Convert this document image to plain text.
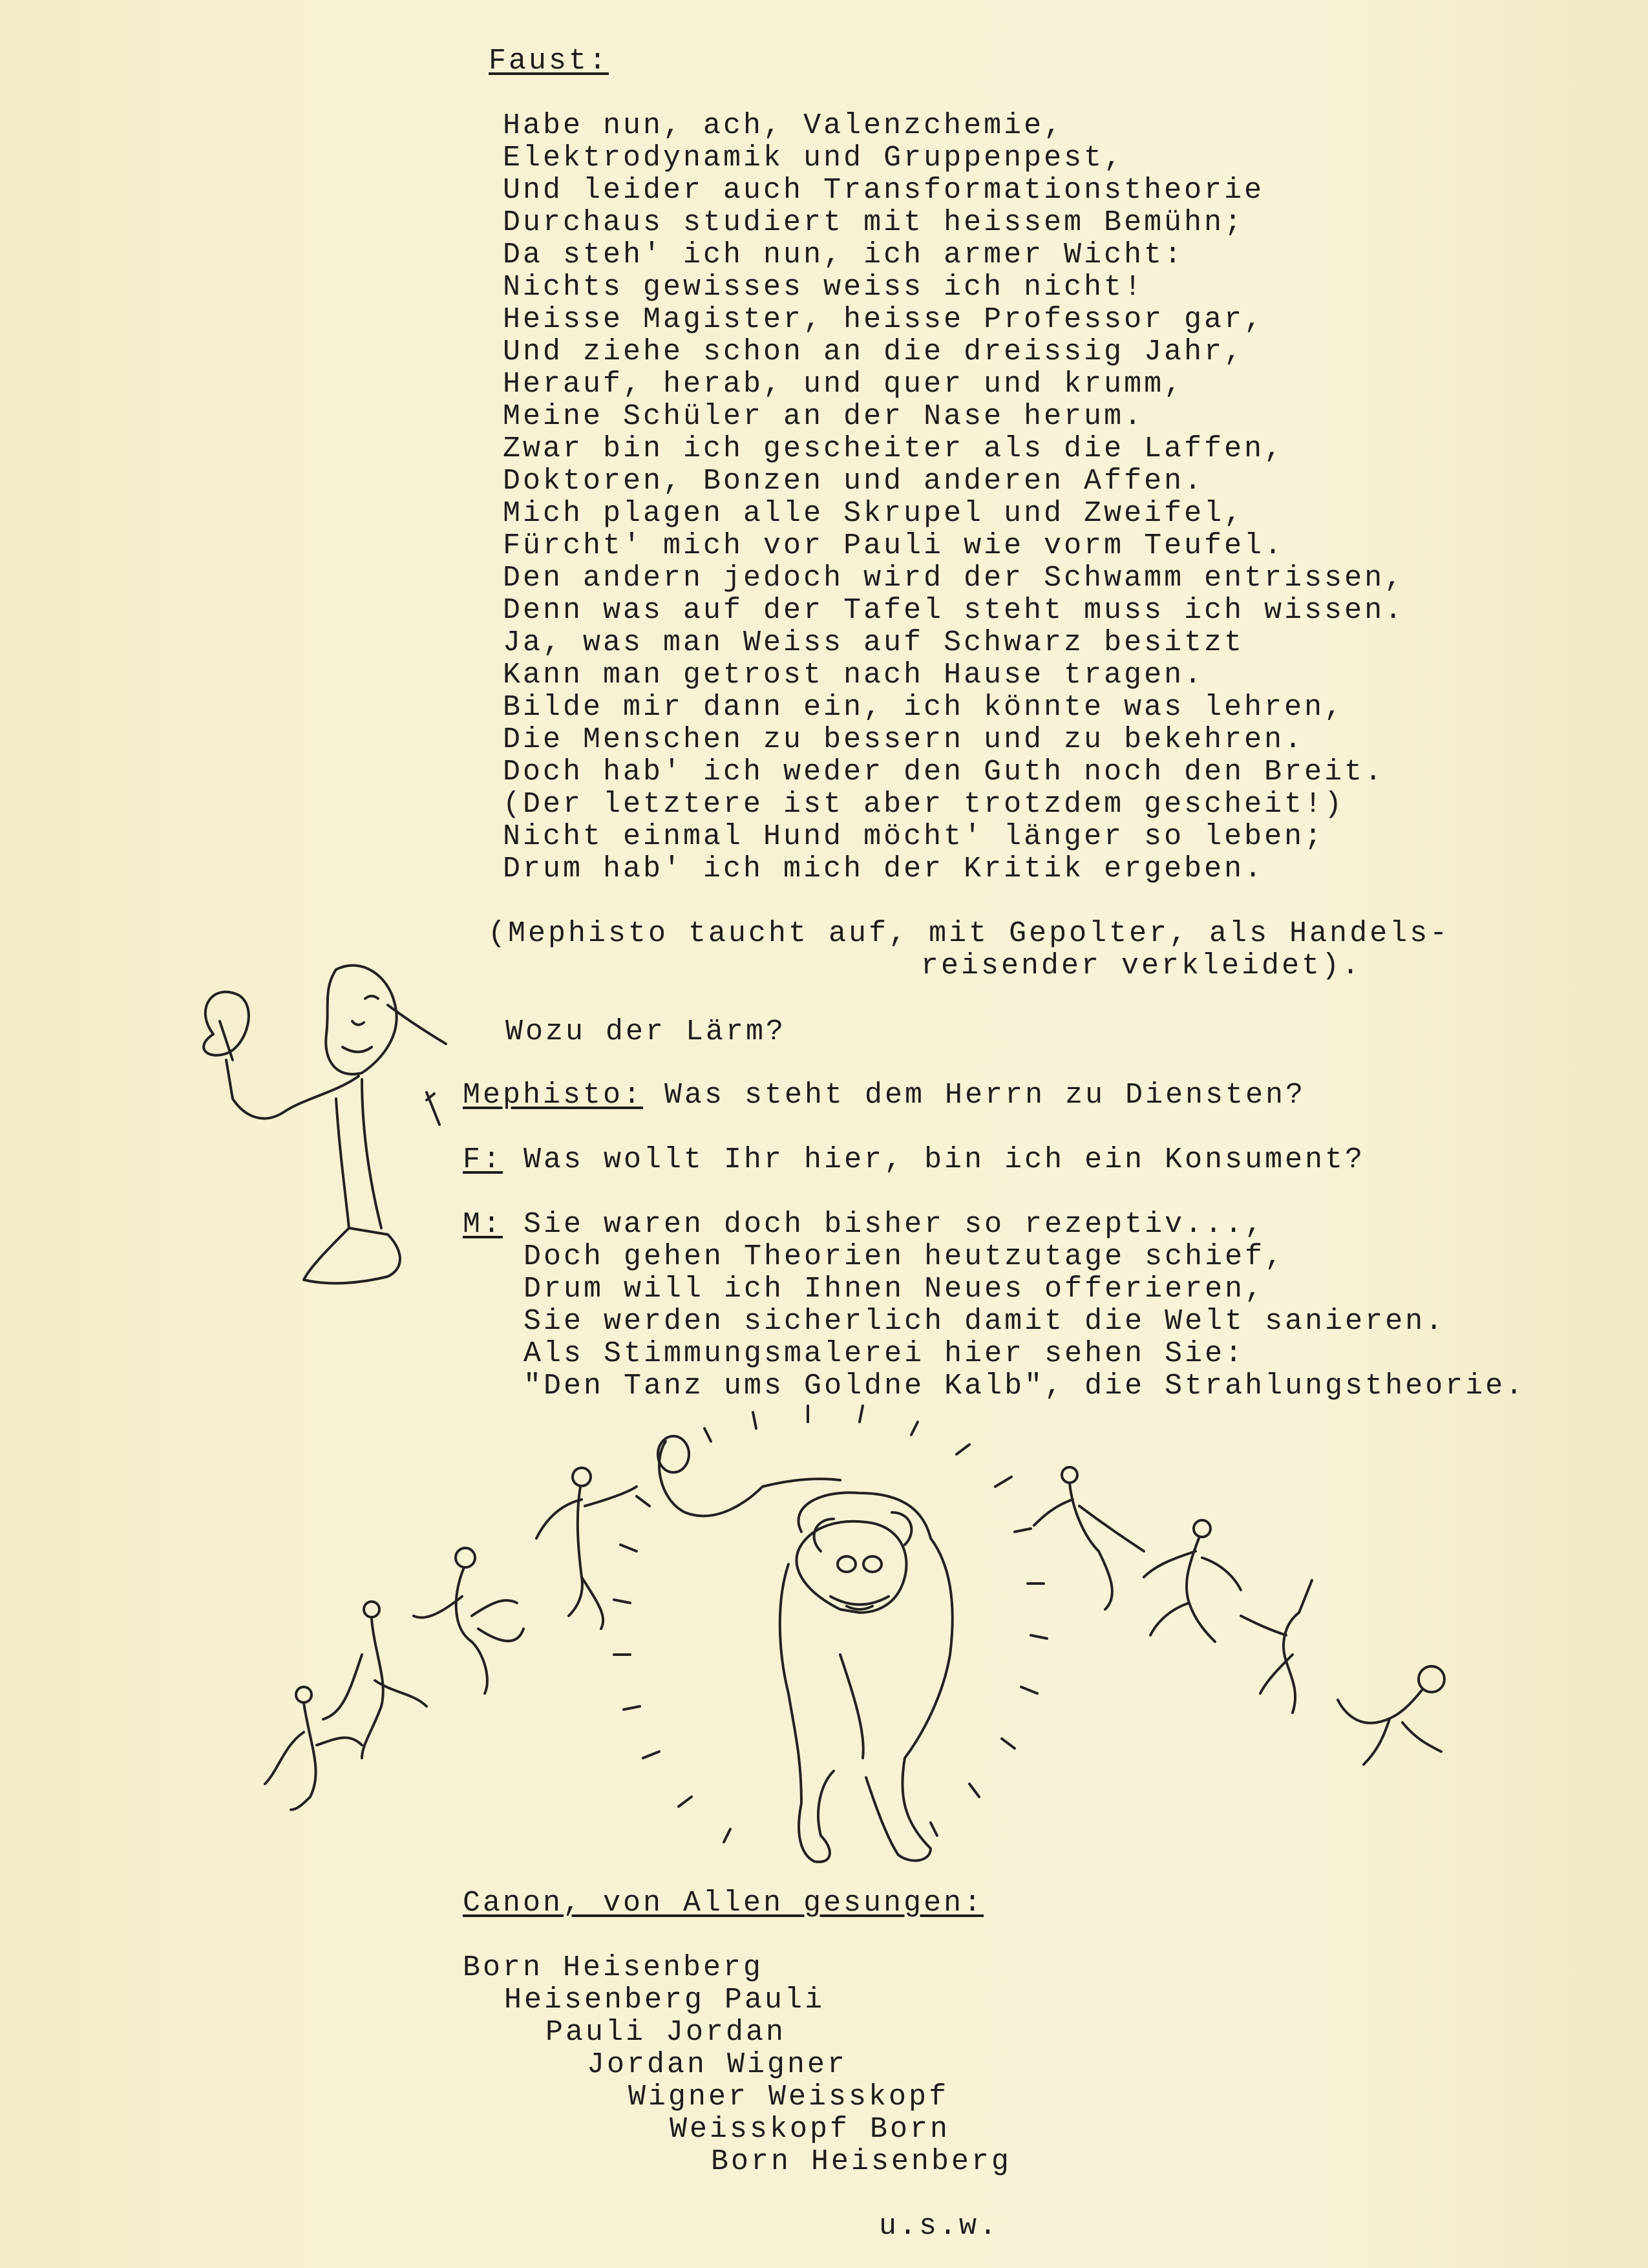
Faust:
Habe nun, ach, Valenzchemie,
Elektrodynamik und Gruppenpest,
Und leider auch Transformationstheorie
Durchaus studiert mit heissem Bemühn;
Da steh' ich nun, ich armer Wicht:
Nichts gewisses weiss ich nicht!
Heisse Magister, heisse Professor gar,
Und ziehe schon an die dreissig Jahr,
Herauf, herab, und quer und krumm,
Meine Schüler an der Nase herum.
Zwar bin ich gescheiter als die Laffen,
Doktoren, Bonzen und anderen Affen.
Mich plagen alle Skrupel und Zweifel,
Fürcht' mich vor Pauli wie vorm Teufel.
Den andern jedoch wird der Schwamm entrissen,
Denn was auf der Tafel steht muss ich wissen.
Ja, was man Weiss auf Schwarz besitzt
Kann man getrost nach Hause tragen.
Bilde mir dann ein, ich könnte was lehren,
Die Menschen zu bessern und zu bekehren.
Doch hab' ich weder den Guth noch den Breit.
(Der letztere ist aber trotzdem gescheit!)
Nicht einmal Hund möcht' länger so leben;
Drum hab' ich mich der Kritik ergeben.
(Mephisto taucht auf, mit Gepolter, als Handels-
reisender verkleidet).
Wozu der Lärm?
Mephisto: Was steht dem Herrn zu Diensten?
F: Was wollt Ihr hier, bin ich ein Konsument?
M: Sie waren doch bisher so rezeptiv...,
Doch gehen Theorien heutzutage schief,
Drum will ich Ihnen Neues offerieren,
Sie werden sicherlich damit die Welt sanieren.
Als Stimmungsmalerei hier sehen Sie:
"Den Tanz ums Goldne Kalb", die Strahlungstheorie.
Canon, von Allen gesungen:
Born Heisenberg
Heisenberg Pauli
Pauli Jordan
Jordan Wigner
Wigner Weisskopf
Weisskopf Born
Born Heisenberg
u.s.w.
